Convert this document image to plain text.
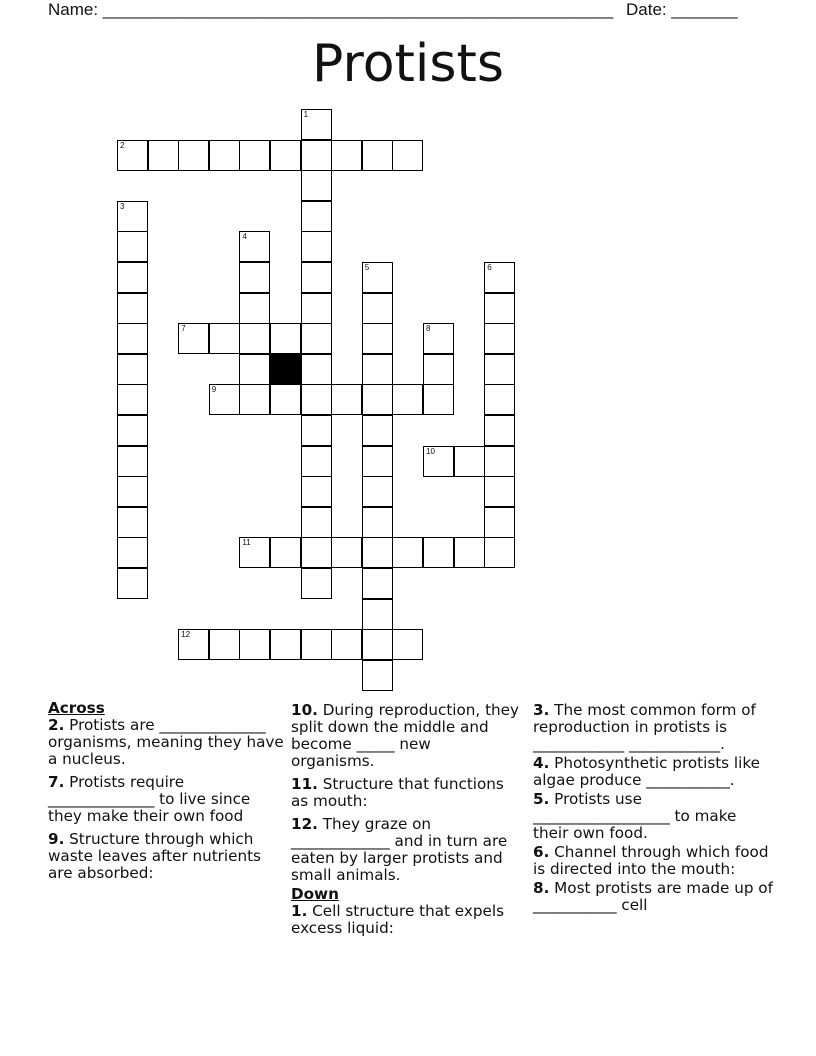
Name: ______________________________________________________ Date: _______
Protists
1
2
3
4
5	6
7	8
9
10
11
12
Across
2. Protists are ______________ organisms, meaning they have a nucleus.
7. Protists require ______________ to live since they make their own food
9. Structure through which waste leaves after nutrients are absorbed:
10. During reproduction, they split down the middle and become _____ new organisms.
11. Structure that functions as mouth:
12. They graze on _____________ and in turn are eaten by larger protists and small animals.
Down
1. Cell structure that expels excess liquid:
3. The most common form of reproduction in protists is ____________ ____________.
4. Photosynthetic protists like algae produce ___________.
5. Protists use __________________ to make their own food.
6. Channel through which food is directed into the mouth:
8. Most protists are made up of ___________ cell
